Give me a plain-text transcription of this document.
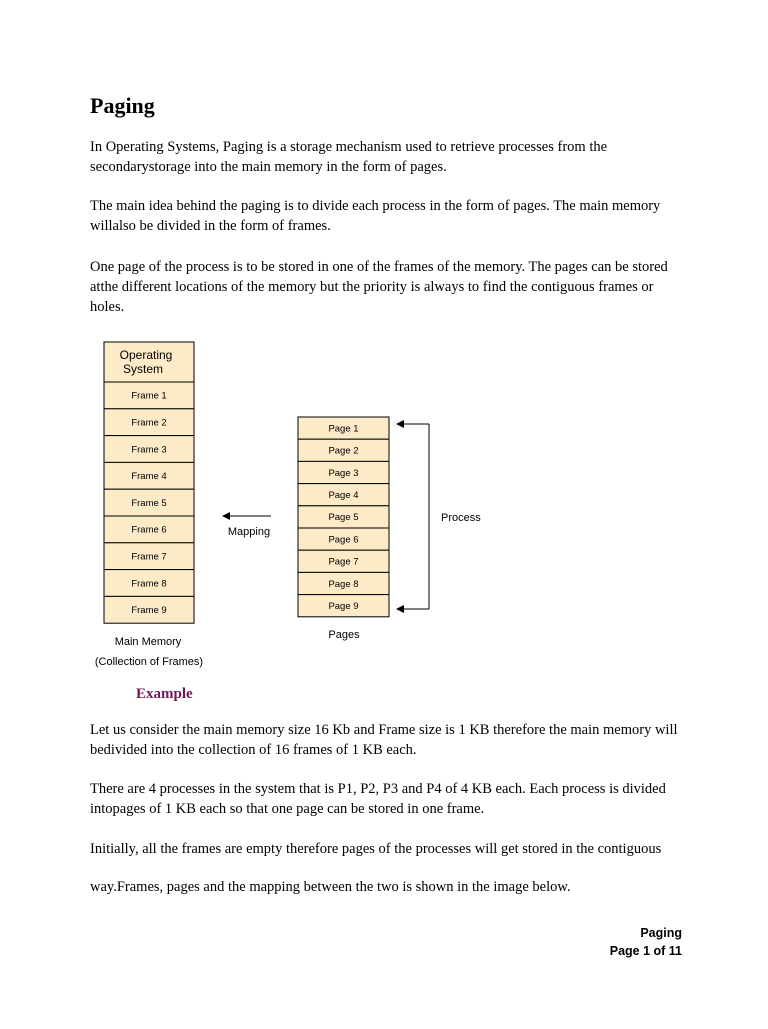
Paging

In Operating Systems, Paging is a storage mechanism used to retrieve processes from the secondarystorage into the main memory in the form of pages.

The main idea behind the paging is to divide each process in the form of pages. The main memory willalso be divided in the form of frames.

One page of the process is to be stored in one of the frames of the memory. The pages can be stored atthe different locations of the memory but the priority is always to find the contiguous frames or holes.

Operating
System
Frame 1
Frame 2
Frame 3
Frame 4
Frame 5
Frame 6
Frame 7
Frame 8
Frame 9
Mapping
Page 1
Page 2
Page 3
Page 4
Page 5
Page 6
Page 7
Page 8
Page 9
Process
Pages
Main Memory
(Collection of Frames)

Example

Let us consider the main memory size 16 Kb and Frame size is 1 KB therefore the main memory will bedivided into the collection of 16 frames of 1 KB each.

There are 4 processes in the system that is P1, P2, P3 and P4 of 4 KB each. Each process is divided intopages of 1 KB each so that one page can be stored in one frame.

Initially, all the frames are empty therefore pages of the processes will get stored in the contiguous

way.Frames, pages and the mapping between the two is shown in the image below.

Paging
Page 1 of 11
